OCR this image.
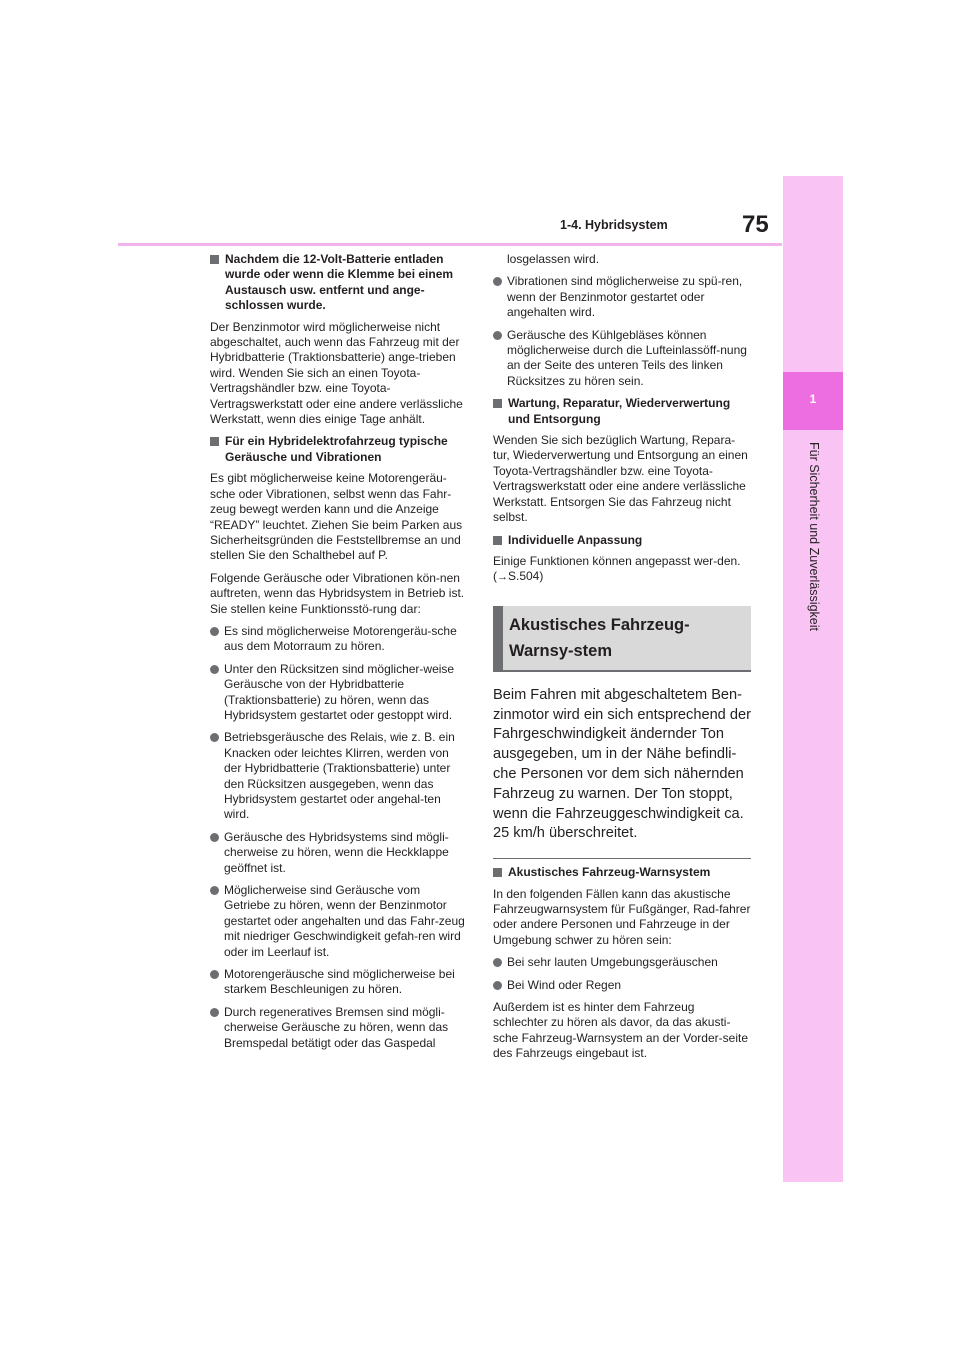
75
1-4. Hybridsystem
1
Für Sicherheit und Zuverlässigkeit
Nachdem die 12-Volt-Batterie entladen wurde oder wenn die Klemme bei einem Austausch usw. entfernt und ange-schlossen wurde.

Der Benzinmotor wird möglicherweise nicht abgeschaltet, auch wenn das Fahrzeug mit der Hybridbatterie (Traktionsbatterie) ange-trieben wird. Wenden Sie sich an einen Toyota-Vertragshändler bzw. eine Toyota-Vertragswerkstatt oder eine andere verlässliche Werkstatt, wenn dies einige Tage anhält.

Für ein Hybridelektrofahrzeug typische Geräusche und Vibrationen

Es gibt möglicherweise keine Motorengeräu-sche oder Vibrationen, selbst wenn das Fahr-zeug bewegt werden kann und die Anzeige “READY” leuchtet. Ziehen Sie beim Parken aus Sicherheitsgründen die Feststellbremse an und stellen Sie den Schalthebel auf P.

Folgende Geräusche oder Vibrationen kön-nen auftreten, wenn das Hybridsystem in Betrieb ist. Sie stellen keine Funktionsstö-rung dar:

Es sind möglicherweise Motorengeräu-sche aus dem Motorraum zu hören.
Unter den Rücksitzen sind möglicher-weise Geräusche von der Hybridbatterie (Traktionsbatterie) zu hören, wenn das Hybridsystem gestartet oder gestoppt wird.
Betriebsgeräusche des Relais, wie z. B. ein Knacken oder leichtes Klirren, werden von der Hybridbatterie (Traktionsbatterie) unter den Rücksitzen ausgegeben, wenn das Hybridsystem gestartet oder angehal-ten wird.
Geräusche des Hybridsystems sind mögli-cherweise zu hören, wenn die Heckklappe geöffnet ist.
Möglicherweise sind Geräusche vom Getriebe zu hören, wenn der Benzinmotor gestartet oder angehalten und das Fahr-zeug mit niedriger Geschwindigkeit gefah-ren wird oder im Leerlauf ist.
Motorengeräusche sind möglicherweise bei starkem Beschleunigen zu hören.
Durch regeneratives Bremsen sind mögli-cherweise Geräusche zu hören, wenn das Bremspedal betätigt oder das Gaspedal

losgelassen wird.

Vibrationen sind möglicherweise zu spü-ren, wenn der Benzinmotor gestartet oder angehalten wird.
Geräusche des Kühlgebläses können möglicherweise durch die Lufteinlassöff-nung an der Seite des unteren Teils des linken Rücksitzes zu hören sein.
Wartung, Reparatur, Wiederverwertung und Entsorgung

Wenden Sie sich bezüglich Wartung, Repara-tur, Wiederverwertung und Entsorgung an einen Toyota-Vertragshändler bzw. eine Toyota-Vertragswerkstatt oder eine andere verlässliche Werkstatt. Entsorgen Sie das Fahrzeug nicht selbst.

Individuelle Anpassung

Einige Funktionen können angepasst wer-den. (→S.504)

Akustisches Fahrzeug-Warnsy-stem

Beim Fahren mit abgeschaltetem Ben-zinmotor wird ein sich entsprechend der Fahrgeschwindigkeit ändernder Ton ausgegeben, um in der Nähe befindli-che Personen vor dem sich nähernden Fahrzeug zu warnen. Der Ton stoppt, wenn die Fahrzeuggeschwindigkeit ca. 25 km/h überschreitet.

Akustisches Fahrzeug-Warnsystem

In den folgenden Fällen kann das akustische Fahrzeugwarnsystem für Fußgänger, Rad-fahrer oder andere Personen und Fahrzeuge in der Umgebung schwer zu hören sein:

Bei sehr lauten Umgebungsgeräuschen
Bei Wind oder Regen

Außerdem ist es hinter dem Fahrzeug schlechter zu hören als davor, da das akusti-sche Fahrzeug-Warnsystem an der Vorder-seite des Fahrzeugs eingebaut ist.
